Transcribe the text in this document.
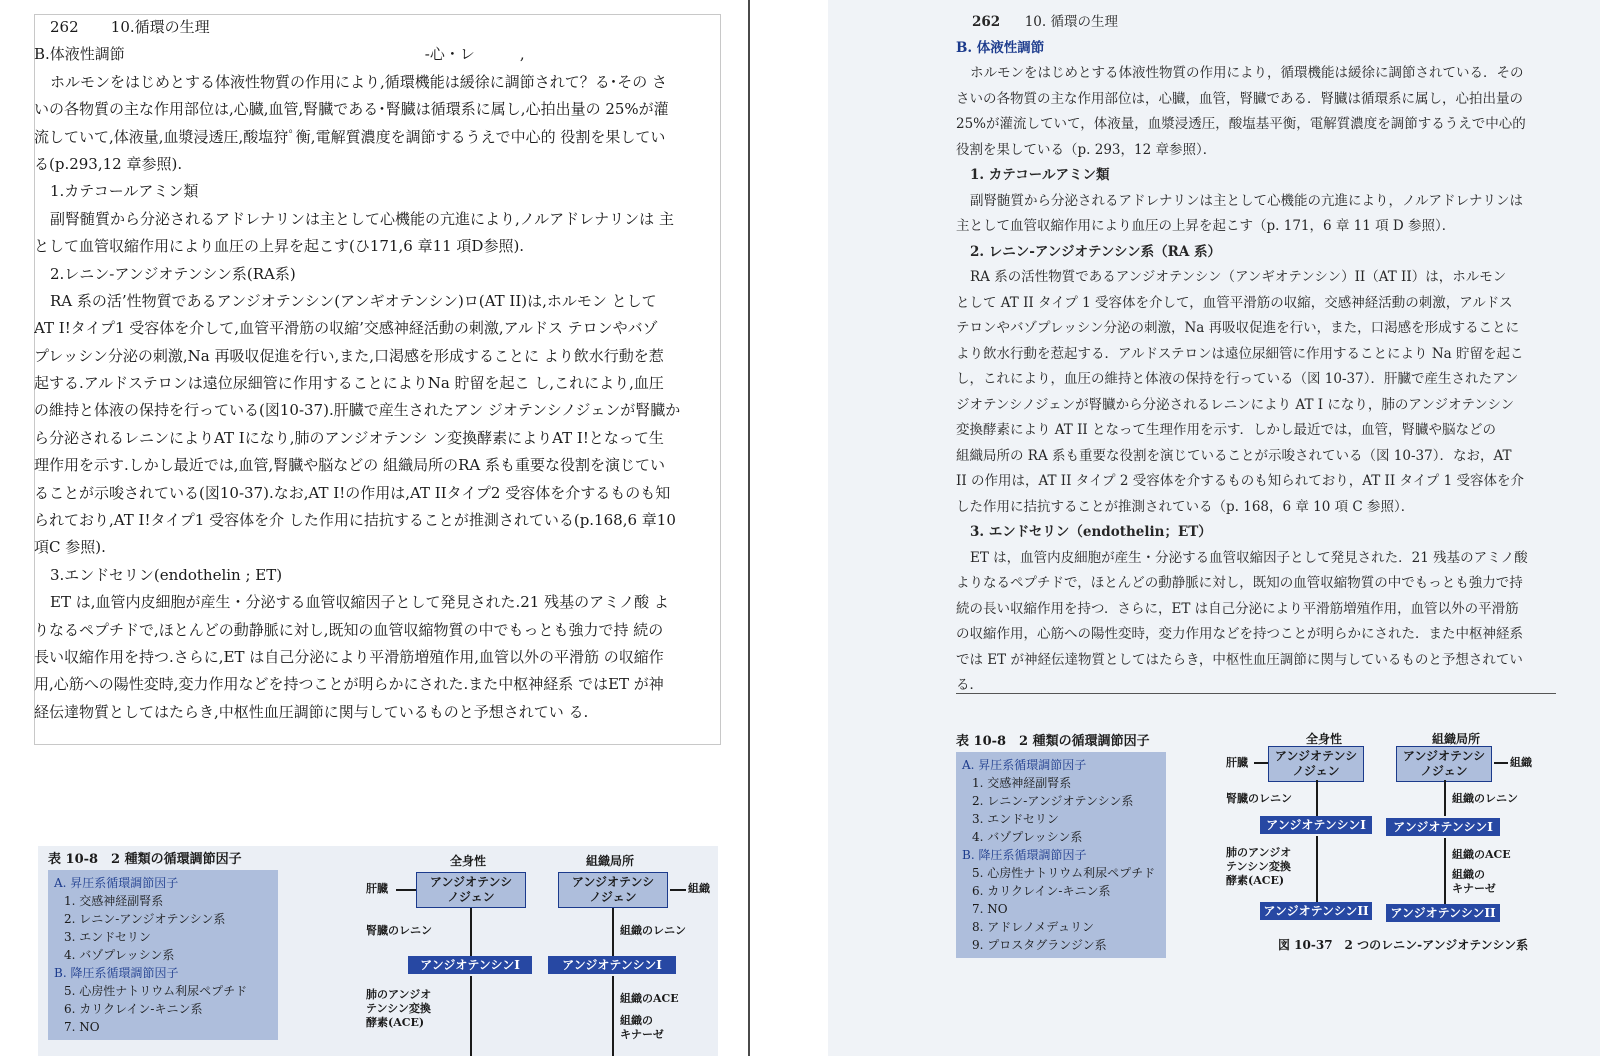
262 10.循環の生理
B.体液性調節　　　　　　　　　　　　　　　　　　　　-心・レ　　　,
ホルモンをはじめとする体液性物質の作用により,循環機能は緩徐に調節されて？る･その さ
いの各物質の主な作用部位は,心臓,血管,腎臓である･腎臓は循環系に属し,心拍出量の 25%が灌
流していて,体液量,血漿浸透圧,酸塩狩ﾟ衡,電解質濃度を調節するうえで中心的 役割を果してい
る(p.293,12 章参照).
1.カテコールアミン類
副腎髄質から分泌されるアドレナリンは主として心機能の亢進により,ノルアドレナリンは 主
として血管収縮作用により血圧の上昇を起こす(ひ171,6 章11 項D参照).
2.レニン-アンジオテンシン系(RA系)
RA 系の活’性物質であるアンジオテンシン(アンギオテンシン)ロ(AT II)は,ホルモン として
AT I!タイプ1 受容体を介して,血管平滑筋の収縮’交感神経活動の刺激,アルドス テロンやバゾ
プレッシン分泌の刺激,Na 再吸収促進を行い,また,口渇感を形成することに より飲水行動を惹
起する.アルドステロンは遠位尿細管に作用することによりNa 貯留を起こ し,これにより,血圧
の維持と体液の保持を行っている(図10-37).肝臓で産生されたアン ジオテンシノジェンが腎臓か
ら分泌されるレニンによりAT Iになり,肺のアンジオテンシ ン変換酵素によりAT I!となって生
理作用を示す.しかし最近では,血管,腎臓や脳などの 組織局所のRA 系も重要な役割を演じてい
ることが示唆されている(図10-37).なお,AT I!の作用は,AT IIタイプ2 受容体を介するものも知
られており,AT I!タイプ1 受容体を介 した作用に拮抗することが推測されている(p.168,6 章10
項C 参照).
3.エンドセリン(endothelin ; ET)
ET は,血管内皮細胞が産生・分泌する血管収縮因子として発見された.21 残基のアミノ酸 よ
りなるペプチドで,ほとんどの動静脈に対し,既知の血管収縮物質の中でもっとも強力で持 続の
長い収縮作用を持つ.さらに,ET は自己分泌により平滑筋増殖作用,血管以外の平滑筋 の収縮作
用,心筋への陽性変時,変力作用などを持つことが明らかにされた.また中枢神経系 ではET が神
経伝達物質としてはたらき,中枢性血圧調節に関与しているものと予想されてい る.
表 10-8　2 種類の循環調節因子
A. 昇圧系循環調節因子
1. 交感神経副腎系
2. レニン-アンジオテンシン系
3. エンドセリン
4. バゾプレッシン系
B. 降圧系循環調節因子
5. 心房性ナトリウム利尿ペプチド
6. カリクレイン-キニン系
7. NO
全身性	組織局所
肝臓	アンジオテンシ
ノジェン
アンジオテンシ
ノジェン
組織
腎臓のレニン	組織のレニン
アンジオテンシンI	アンジオテンシンI
肺のアンジオ
テンシン変換
酵素(ACE)
組織のACE
組織の
キナーゼ
262 10. 循環の生理
B. 体液性調節
ホルモンをはじめとする体液性物質の作用により，循環機能は緩徐に調節されている．その
さいの各物質の主な作用部位は，心臓，血管，腎臓である．腎臓は循環系に属し，心拍出量の
25%が灌流していて，体液量，血漿浸透圧，酸塩基平衡，電解質濃度を調節するうえで中心的
役割を果している（p. 293，12 章参照）．
1. カテコールアミン類
副腎髄質から分泌されるアドレナリンは主として心機能の亢進により，ノルアドレナリンは
主として血管収縮作用により血圧の上昇を起こす（p. 171，6 章 11 項 D 参照）．
2. レニン-アンジオテンシン系（RA 系）
RA 系の活性物質であるアンジオテンシン（アンギオテンシン）II（AT II）は，ホルモン
として AT II タイプ 1 受容体を介して，血管平滑筋の収縮，交感神経活動の刺激，アルドス
テロンやバゾプレッシン分泌の刺激，Na 再吸収促進を行い，また，口渇感を形成することに
より飲水行動を惹起する．アルドステロンは遠位尿細管に作用することにより Na 貯留を起こ
し，これにより，血圧の維持と体液の保持を行っている（図 10-37）．肝臓で産生されたアン
ジオテンシノジェンが腎臓から分泌されるレニンにより AT I になり，肺のアンジオテンシン
変換酵素により AT II となって生理作用を示す．しかし最近では，血管，腎臓や脳などの
組織局所の RA 系も重要な役割を演じていることが示唆されている（図 10-37）．なお，AT
II の作用は，AT II タイプ 2 受容体を介するものも知られており，AT II タイプ 1 受容体を介
した作用に拮抗することが推測されている（p. 168，6 章 10 項 C 参照）．
3. エンドセリン（endothelin；ET）
ET は，血管内皮細胞が産生・分泌する血管収縮因子として発見された．21 残基のアミノ酸
よりなるペプチドで，ほとんどの動静脈に対し，既知の血管収縮物質の中でもっとも強力で持
続の長い収縮作用を持つ．さらに，ET は自己分泌により平滑筋増殖作用，血管以外の平滑筋
の収縮作用，心筋への陽性変時，変力作用などを持つことが明らかにされた．また中枢神経系
では ET が神経伝達物質としてはたらき，中枢性血圧調節に関与しているものと予想されてい
る．
表 10-8　2 種類の循環調節因子
A. 昇圧系循環調節因子
1. 交感神経副腎系
2. レニン-アンジオテンシン系
3. エンドセリン
4. バゾプレッシン系
B. 降圧系循環調節因子
5. 心房性ナトリウム利尿ペプチド
6. カリクレイン-キニン系
7. NO
8. アドレノメデュリン
9. プロスタグランジン系
全身性	組織局所
肝臓	アンジオテンシ
ノジェン
アンジオテンシ
ノジェン
組織
腎臓のレニン	組織のレニン
アンジオテンシンI	アンジオテンシンI
肺のアンジオ
テンシン変換
酵素(ACE)
組織のACE
組織の
キナーゼ
アンジオテンシンII	アンジオテンシンII
図 10-37　2 つのレニン-アンジオテンシン系
